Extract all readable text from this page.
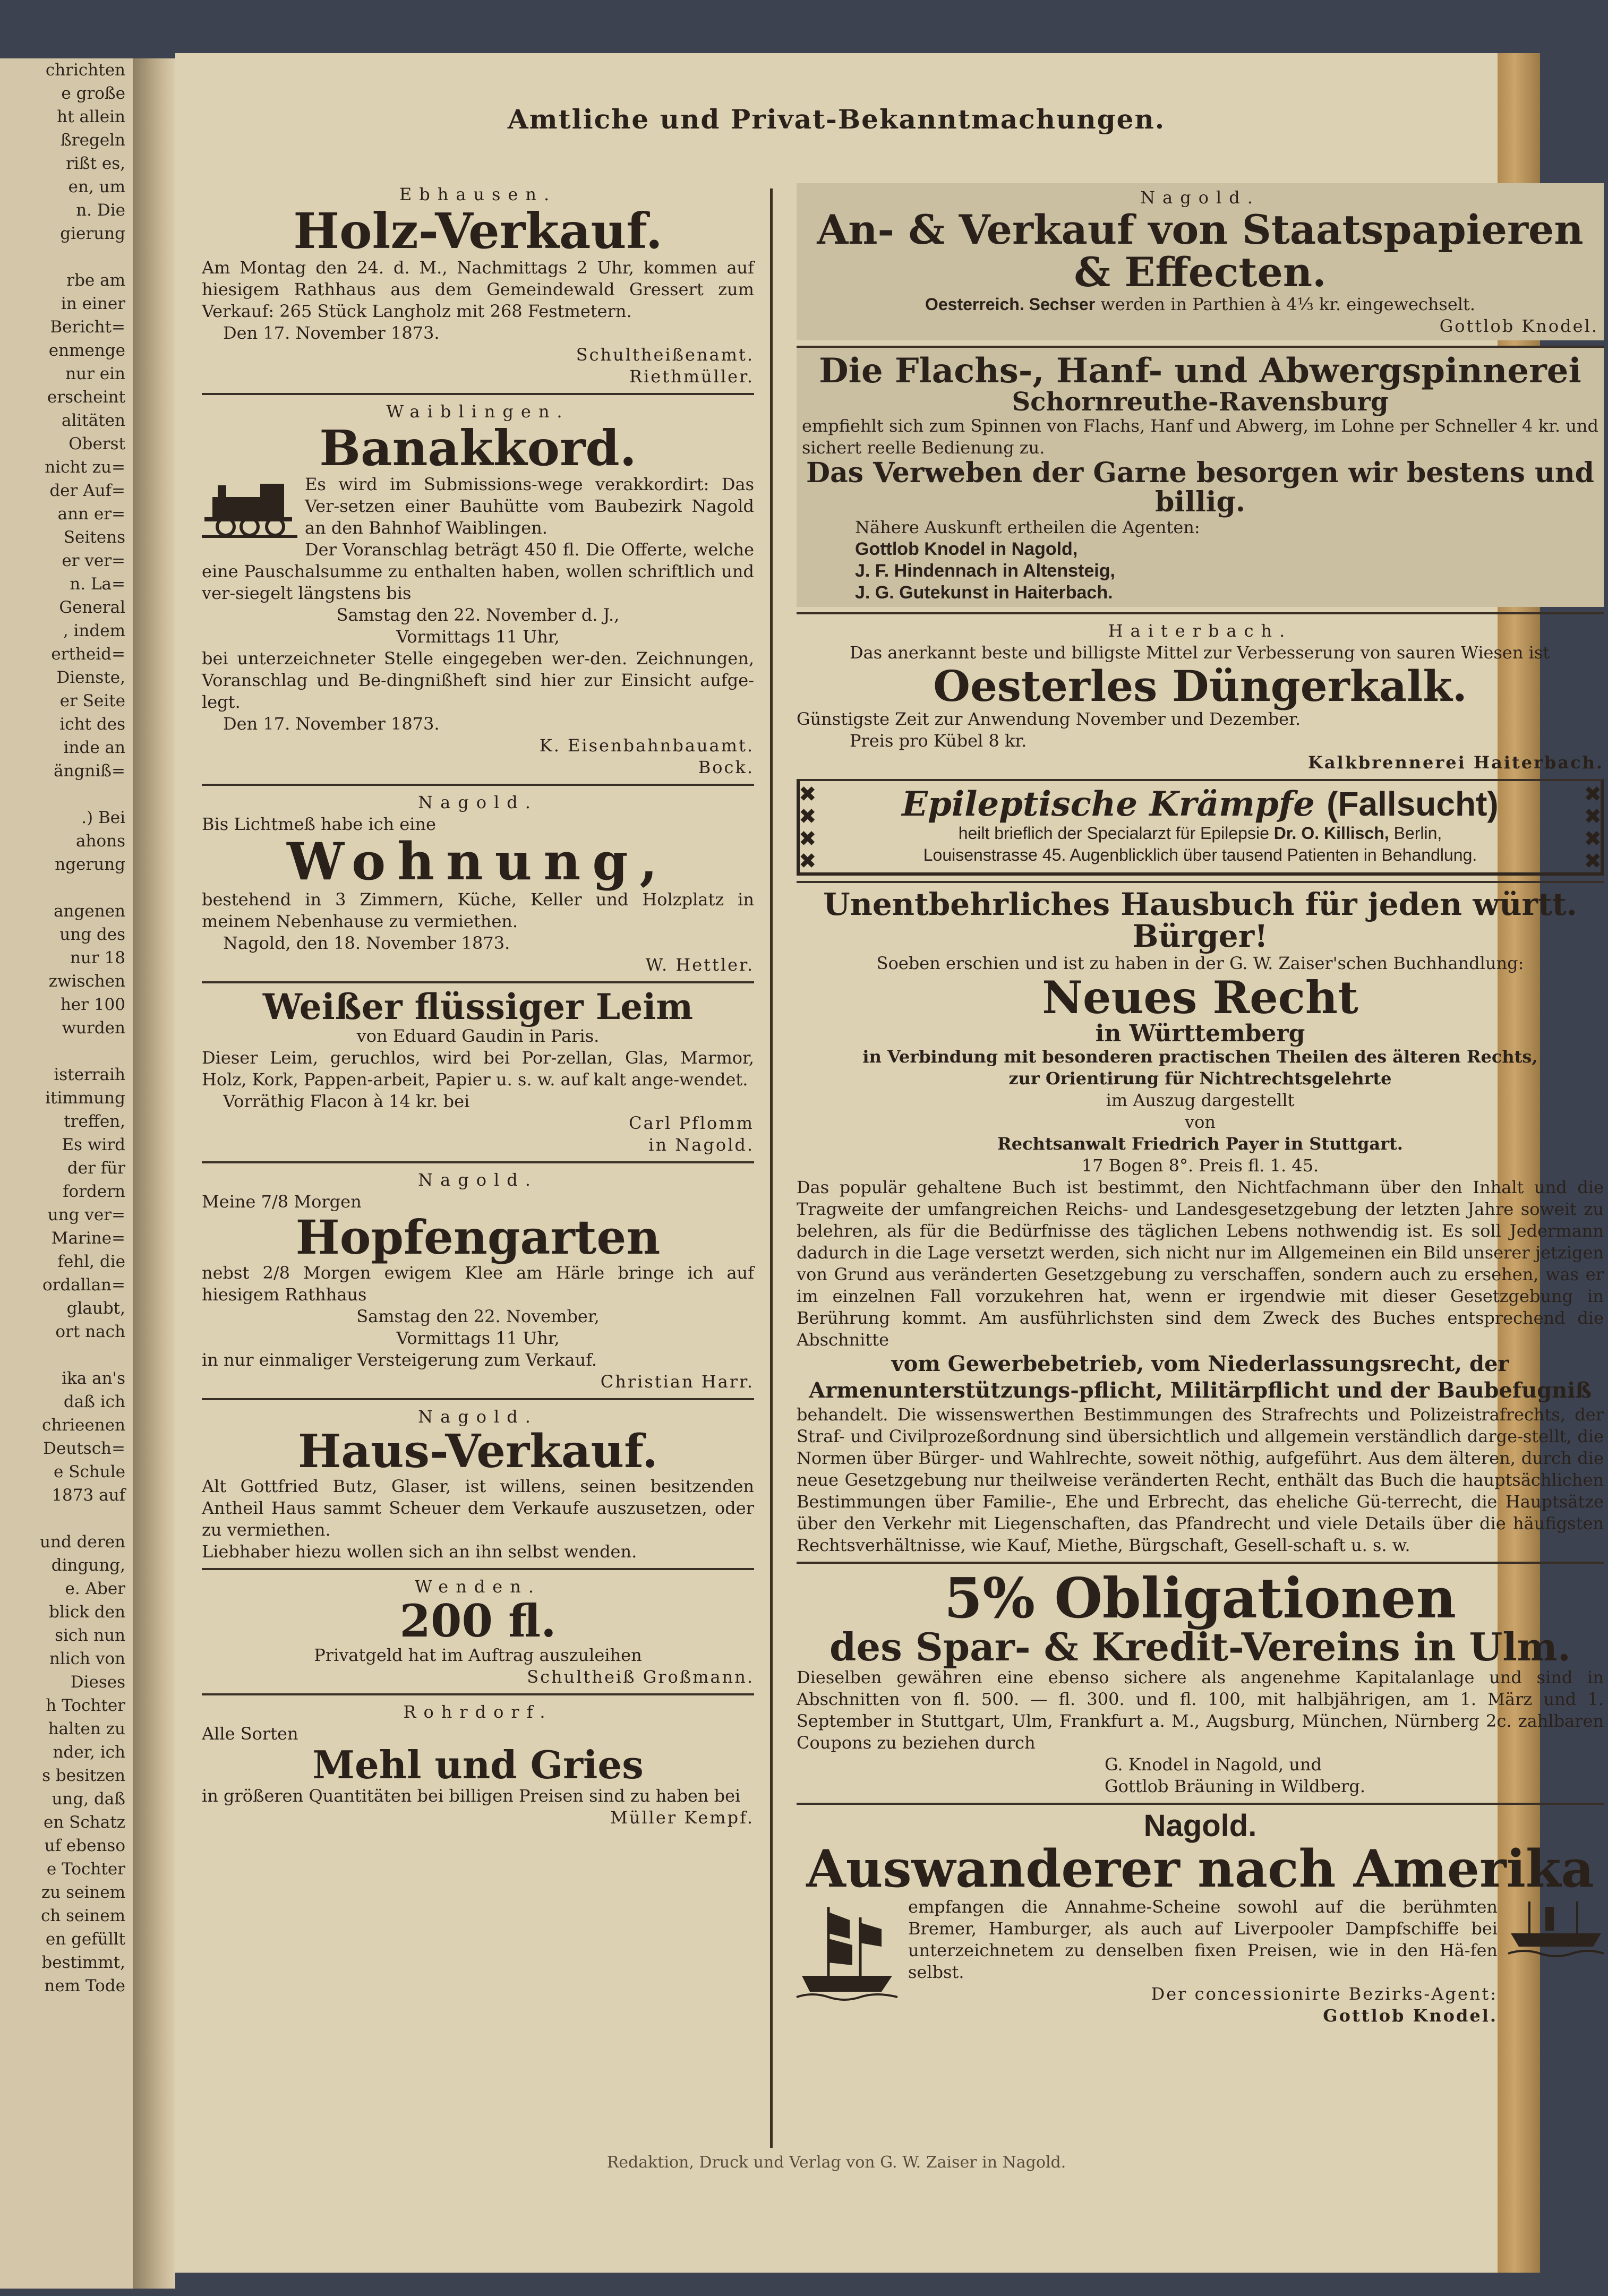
chrichten
e große
ht allein
ßregeln
rißt es,
en, um
n. Die
gierung

rbe am
in einer
Bericht=
enmenge
nur ein
erscheint
alitäten
Oberst
nicht zu=
der Auf=
ann er=
Seitens
er ver=
n. La=
General
, indem
ertheid=
Dienste,
er Seite
icht des
inde an
ängniß=

.) Bei
ahons
ngerung

angenen
ung des
nur 18
zwischen
her 100
wurden

isterraih
itimmung
treffen,
Es wird
der für
fordern
ung ver=
Marine=
fehl, die
ordallan=
glaubt,
ort nach

ika an's
daß ich
chrieenen
Deutsch=
e Schule
1873 auf

und deren
dingung,
e. Aber
blick den
sich nun
nlich von
Dieses
h Tochter
halten zu
nder, ich
s besitzen
ung, daß
en Schatz
uf ebenso
e Tochter
zu seinem
ch seinem
en gefüllt
bestimmt,
nem Tode
Amtliche und Privat-Bekanntmachungen.
Ebhausen.
Holz-Verkauf.
Am Montag den 24. d. M., Nachmittags 2 Uhr, kommen auf hiesigem Rathhaus aus dem Gemeindewald Gressert zum Verkauf: 265 Stück Langholz mit 268 Festmetern.
Den 17. November 1873.
Schultheißenamt.
Riethmüller.
Waiblingen.
Banakkord.
Es wird im Submissions-wege verakkordirt: Das Ver-setzen einer Bauhütte vom Baubezirk Nagold an den Bahnhof Waiblingen.
Der Voranschlag beträgt 450 fl. Die Offerte, welche eine Pauschalsumme zu enthalten haben, wollen schriftlich und ver-siegelt längstens bis
Samstag den 22. November d. J.,
Vormittags 11 Uhr,
bei unterzeichneter Stelle eingegeben wer-den. Zeichnungen, Voranschlag und Be-dingnißheft sind hier zur Einsicht aufge-legt.
Den 17. November 1873.
K. Eisenbahnbauamt.
Bock.
Nagold.
Bis Lichtmeß habe ich eine
Wohnung,
bestehend in 3 Zimmern, Küche, Keller und Holzplatz in meinem Nebenhause zu vermiethen.
Nagold, den 18. November 1873.
W. Hettler.
Weißer flüssiger Leim
von Eduard Gaudin in Paris.
Dieser Leim, geruchlos, wird bei Por-zellan, Glas, Marmor, Holz, Kork, Pappen-arbeit, Papier u. s. w. auf kalt ange-wendet.
Vorräthig Flacon à 14 kr. bei
Carl Pflomm
in Nagold.
Nagold.
Meine 7/8 Morgen
Hopfengarten
nebst 2/8 Morgen ewigem Klee am Härle bringe ich auf hiesigem Rathhaus
Samstag den 22. November,
Vormittags 11 Uhr,
in nur einmaliger Versteigerung zum Verkauf.
Christian Harr.
Nagold.
Haus-Verkauf.
Alt Gottfried Butz, Glaser, ist willens, seinen besitzenden Antheil Haus sammt Scheuer dem Verkaufe auszusetzen, oder zu vermiethen.
Liebhaber hiezu wollen sich an ihn selbst wenden.
Wenden.
200 fl.
Privatgeld hat im Auftrag auszuleihen
Schultheiß Großmann.
Rohrdorf.
Alle Sorten
Mehl und Gries
in größeren Quantitäten bei billigen Preisen sind zu haben bei
Müller Kempf.
Nagold.
An- & Verkauf von Staatspapieren
& Effecten.
Oesterreich. Sechser werden in Parthien à 4⅓ kr. eingewechselt.
Gottlob Knodel.
Die Flachs-, Hanf- und Abwergspinnerei
Schornreuthe-Ravensburg
empfiehlt sich zum Spinnen von Flachs, Hanf und Abwerg, im Lohne per Schneller 4 kr. und sichert reelle Bedienung zu.
Das Verweben der Garne besorgen wir bestens und billig.
Nähere Auskunft ertheilen die Agenten:
Gottlob Knodel in Nagold,
J. F. Hindennach in Altensteig,
J. G. Gutekunst in Haiterbach.
Haiterbach.
Das anerkannt beste und billigste Mittel zur Verbesserung von sauren Wiesen ist
Oesterles Düngerkalk.
Günstigste Zeit zur Anwendung November und Dezember.
Preis pro Kübel 8 kr.
Kalkbrennerei Haiterbach.
✖
✖
✖
✖
✖
✖
✖
✖
Epileptische Krämpfe (Fallsucht)
heilt brieflich der Specialarzt für Epilepsie Dr. O. Killisch, Berlin,
Louisenstrasse 45. Augenblicklich über tausend Patienten in Behandlung.
Unentbehrliches Hausbuch für jeden württ. Bürger!
Soeben erschien und ist zu haben in der G. W. Zaiser'schen Buchhandlung:
Neues Recht
in Württemberg
in Verbindung mit besonderen practischen Theilen des älteren Rechts,
zur Orientirung für Nichtrechtsgelehrte
im Auszug dargestellt
von
Rechtsanwalt Friedrich Payer in Stuttgart.
17 Bogen 8°. Preis fl. 1. 45.
Das populär gehaltene Buch ist bestimmt, den Nichtfachmann über den Inhalt und die Tragweite der umfangreichen Reichs- und Landesgesetzgebung der letzten Jahre soweit zu belehren, als für die Bedürfnisse des täglichen Lebens nothwendig ist. Es soll Jedermann dadurch in die Lage versetzt werden, sich nicht nur im Allgemeinen ein Bild unserer jetzigen von Grund aus veränderten Gesetzgebung zu verschaffen, sondern auch zu ersehen, was er im einzelnen Fall vorzukehren hat, wenn er irgendwie mit dieser Gesetzgebung in Berührung kommt. Am ausführlichsten sind dem Zweck des Buches entsprechend die Abschnitte
vom Gewerbebetrieb, vom Niederlassungsrecht, der Armenunterstützungs-pflicht, Militärpflicht und der Baubefugniß
behandelt. Die wissenswerthen Bestimmungen des Strafrechts und Polizeistrafrechts, der Straf- und Civilprozeßordnung sind übersichtlich und allgemein verständlich darge-stellt, die Normen über Bürger- und Wahlrechte, soweit nöthig, aufgeführt. Aus dem älteren, durch die neue Gesetzgebung nur theilweise veränderten Recht, enthält das Buch die hauptsächlichen Bestimmungen über Familie-, Ehe und Erbrecht, das eheliche Gü-terrecht, die Hauptsätze über den Verkehr mit Liegenschaften, das Pfandrecht und viele Details über die häufigsten Rechtsverhältnisse, wie Kauf, Miethe, Bürgschaft, Gesell-schaft u. s. w.
5% Obligationen
des Spar- & Kredit-Vereins in Ulm.
Dieselben gewähren eine ebenso sichere als angenehme Kapitalanlage und sind in Abschnitten von fl. 500. — fl. 300. und fl. 100, mit halbjährigen, am 1. März und 1. September in Stuttgart, Ulm, Frankfurt a. M., Augsburg, München, Nürnberg 2c. zahlbaren Coupons zu beziehen durch
G. Knodel in Nagold, und
Gottlob Bräuning in Wildberg.
Nagold.
Auswanderer nach Amerika
empfangen die Annahme-Scheine sowohl auf die berühmten Bremer, Hamburger, als auch auf Liverpooler Dampfschiffe bei unterzeichnetem zu denselben fixen Preisen, wie in den Hä-fen selbst.
Der concessionirte Bezirks-Agent:
Gottlob Knodel.
Redaktion, Druck und Verlag von G. W. Zaiser in Nagold.
